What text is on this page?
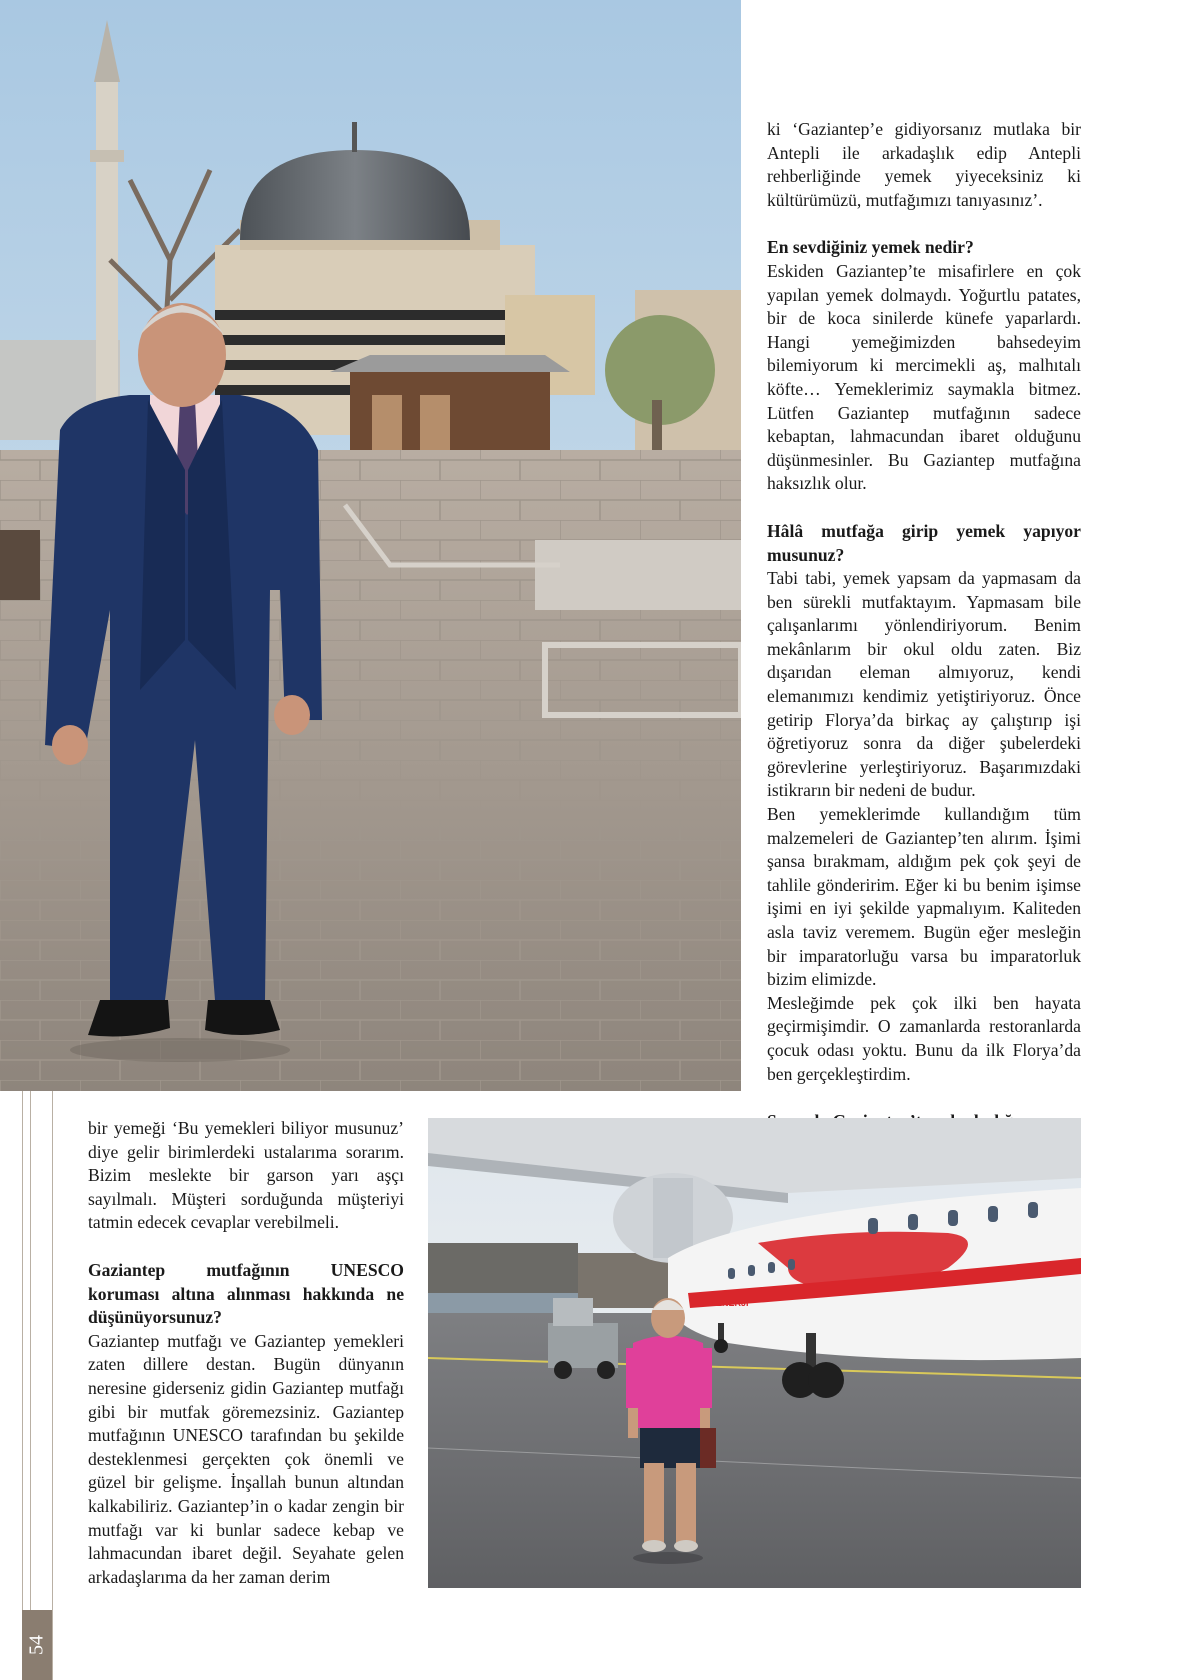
ki ‘Gaziantep’e gidiyorsanız mutlaka bir Antepli ile arkadaşlık edip Antepli rehberliğinde yemek yiyeceksiniz ki kültürümüzü, mutfağımızı tanıyasınız’.

En sevdiğiniz yemek nedir?

Eskiden Gaziantep’te misafirlere en çok yapılan yemek dolmaydı. Yoğurtlu patates, bir de koca sinilerde künefe yaparlardı. Hangi yemeğimizden bahsedeyim bilemiyorum ki mercimekli aş, malhıtalı köfte… Yemeklerimiz saymakla bitmez. Lütfen Gaziantep mutfağının sadece kebaptan, lahmacundan ibaret olduğunu düşünmesinler. Bu Gaziantep mutfağına haksızlık olur.

Hâlâ mutfağa girip yemek yapıyor musunuz?

Tabi tabi, yemek yapsam da yapmasam da ben sürekli mutfaktayım. Yapmasam bile çalışanlarımı yönlendiriyorum. Benim mekânlarım bir okul oldu zaten. Biz dışarıdan eleman almıyoruz, kendi elemanımızı kendimiz yetiştiriyoruz. Önce getirip Florya’da birkaç ay çalıştırıp işi öğretiyoruz sonra da diğer şubelerdeki görevlerine yerleştiriyoruz. Başarımızdaki istikrarın bir nedeni de budur.

Ben yemeklerimde kullandığım tüm malzemeleri de Gaziantep’ten alırım. İşimi şansa bırakmam, aldığım pek çok şeyi de tahlile gönderirim. Eğer ki bu benim işimse işimi en iyi şekilde yapmalıyım. Kaliteden asla taviz veremem. Bugün eğer mesleğin bir imparatorluğu varsa bu imparatorluk bizim elimizde.

Mesleğimde pek çok ilki ben hayata geçirmişimdir. O zamanlarda restoranlarda çocuk odası yoktu. Bunu da ilk Florya’da ben gerçekleştirdim.

bir yemeği ‘Bu yemekleri biliyor musunuz’ diye gelir birimlerdeki ustalarıma sorarım. Bizim meslekte bir garson yarı aşçı sayılmalı. Müşteri sorduğunda müşteriyi tatmin edecek cevaplar verebilmeli.

Gaziantep mutfağının UNESCO koruması altına alınması hakkında ne düşünüyorsunuz?

Gaziantep mutfağı ve Gaziantep yemekleri zaten dillere destan. Bugün dünyanın neresine giderseniz gidin Gaziantep mutfağı gibi bir mutfak göremezsiniz. Gaziantep mutfağının UNESCO tarafından bu şekilde desteklenmesi gerçekten çok önemli ve güzel bir gelişme. İnşallah bunun altından kalkabiliriz. Gaziantep’in o kadar zengin bir mutfağı var ki bunlar sadece kebap ve lahmacundan ibaret değil. Seyahate gelen arkadaşlarıma da her zaman derim

AIR ENERJI
54
